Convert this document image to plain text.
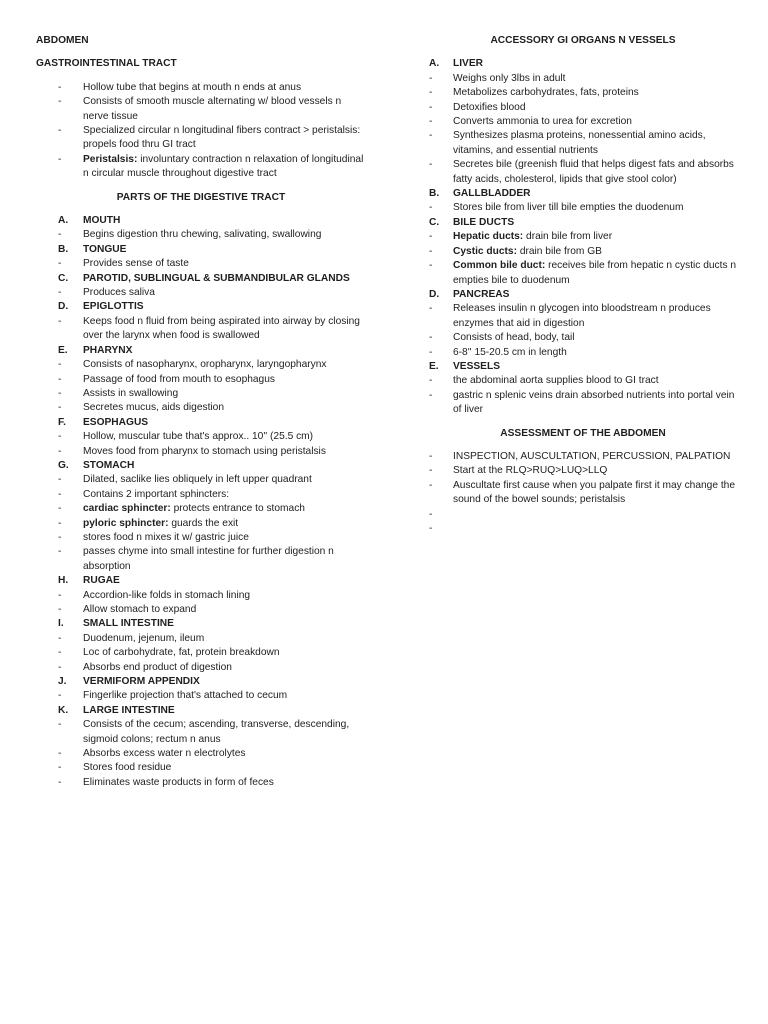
ABDOMEN
GASTROINTESTINAL TRACT
- Hollow tube that begins at mouth n ends at anus
- Consists of smooth muscle alternating w/ blood vessels n nerve tissue
- Specialized circular n longitudinal fibers contract > peristalsis: propels food thru GI tract
- Peristalsis: involuntary contraction n relaxation of longitudinal n circular muscle throughout digestive tract
PARTS OF THE DIGESTIVE TRACT
A. MOUTH
- Begins digestion thru chewing, salivating, swallowing
B. TONGUE
- Provides sense of taste
C. PAROTID, SUBLINGUAL & SUBMANDIBULAR GLANDS
- Produces saliva
D. EPIGLOTTIS
- Keeps food n fluid from being aspirated into airway by closing over the larynx when food is swallowed
E. PHARYNX
- Consists of nasopharynx, oropharynx, laryngopharynx
- Passage of food from mouth to esophagus
- Assists in swallowing
- Secretes mucus, aids digestion
F. ESOPHAGUS
- Hollow, muscular tube that's approx.. 10'' (25.5 cm)
- Moves food from pharynx to stomach using peristalsis
G. STOMACH
- Dilated, saclike lies obliquely in left upper quadrant
- Contains 2 important sphincters:
- cardiac sphincter: protects entrance to stomach
- pyloric sphincter: guards the exit
- stores food n mixes it w/ gastric juice
- passes chyme into small intestine for further digestion n absorption
H. RUGAE
- Accordion-like folds in stomach lining
- Allow stomach to expand
I. SMALL INTESTINE
- Duodenum, jejenum, ileum
- Loc of carbohydrate, fat, protein breakdown
- Absorbs end product of digestion
J. VERMIFORM APPENDIX
- Fingerlike projection that's attached to cecum
K. LARGE INTESTINE
- Consists of the cecum; ascending, transverse, descending, sigmoid colons; rectum n anus
- Absorbs excess water n electrolytes
- Stores food residue
- Eliminates waste products in form of feces
ACCESSORY GI ORGANS N VESSELS
A. LIVER
- Weighs only 3lbs in adult
- Metabolizes carbohydrates, fats, proteins
- Detoxifies blood
- Converts ammonia to urea for excretion
- Synthesizes plasma proteins, nonessential amino acids, vitamins, and essential nutrients
- Secretes bile (greenish fluid that helps digest fats and absorbs fatty acids, cholesterol, lipids that give stool color)
B. GALLBLADDER
- Stores bile from liver till bile empties the duodenum
C. BILE DUCTS
- Hepatic ducts: drain bile from liver
- Cystic ducts: drain bile from GB
- Common bile duct: receives bile from hepatic n cystic ducts n empties bile to duodenum
D. PANCREAS
- Releases insulin n glycogen into bloodstream n produces enzymes that aid in digestion
- Consists of head, body, tail
- 6-8'' 15-20.5 cm in length
E. VESSELS
- the abdominal aorta supplies blood to GI tract
- gastric n splenic veins drain absorbed nutrients into portal vein of liver
ASSESSMENT OF THE ABDOMEN
- INSPECTION, AUSCULTATION, PERCUSSION, PALPATION
- Start at the RLQ>RUQ>LUQ>LLQ
- Auscultate first cause when you palpate first it may change the sound of the bowel sounds; peristalsis
-
-
